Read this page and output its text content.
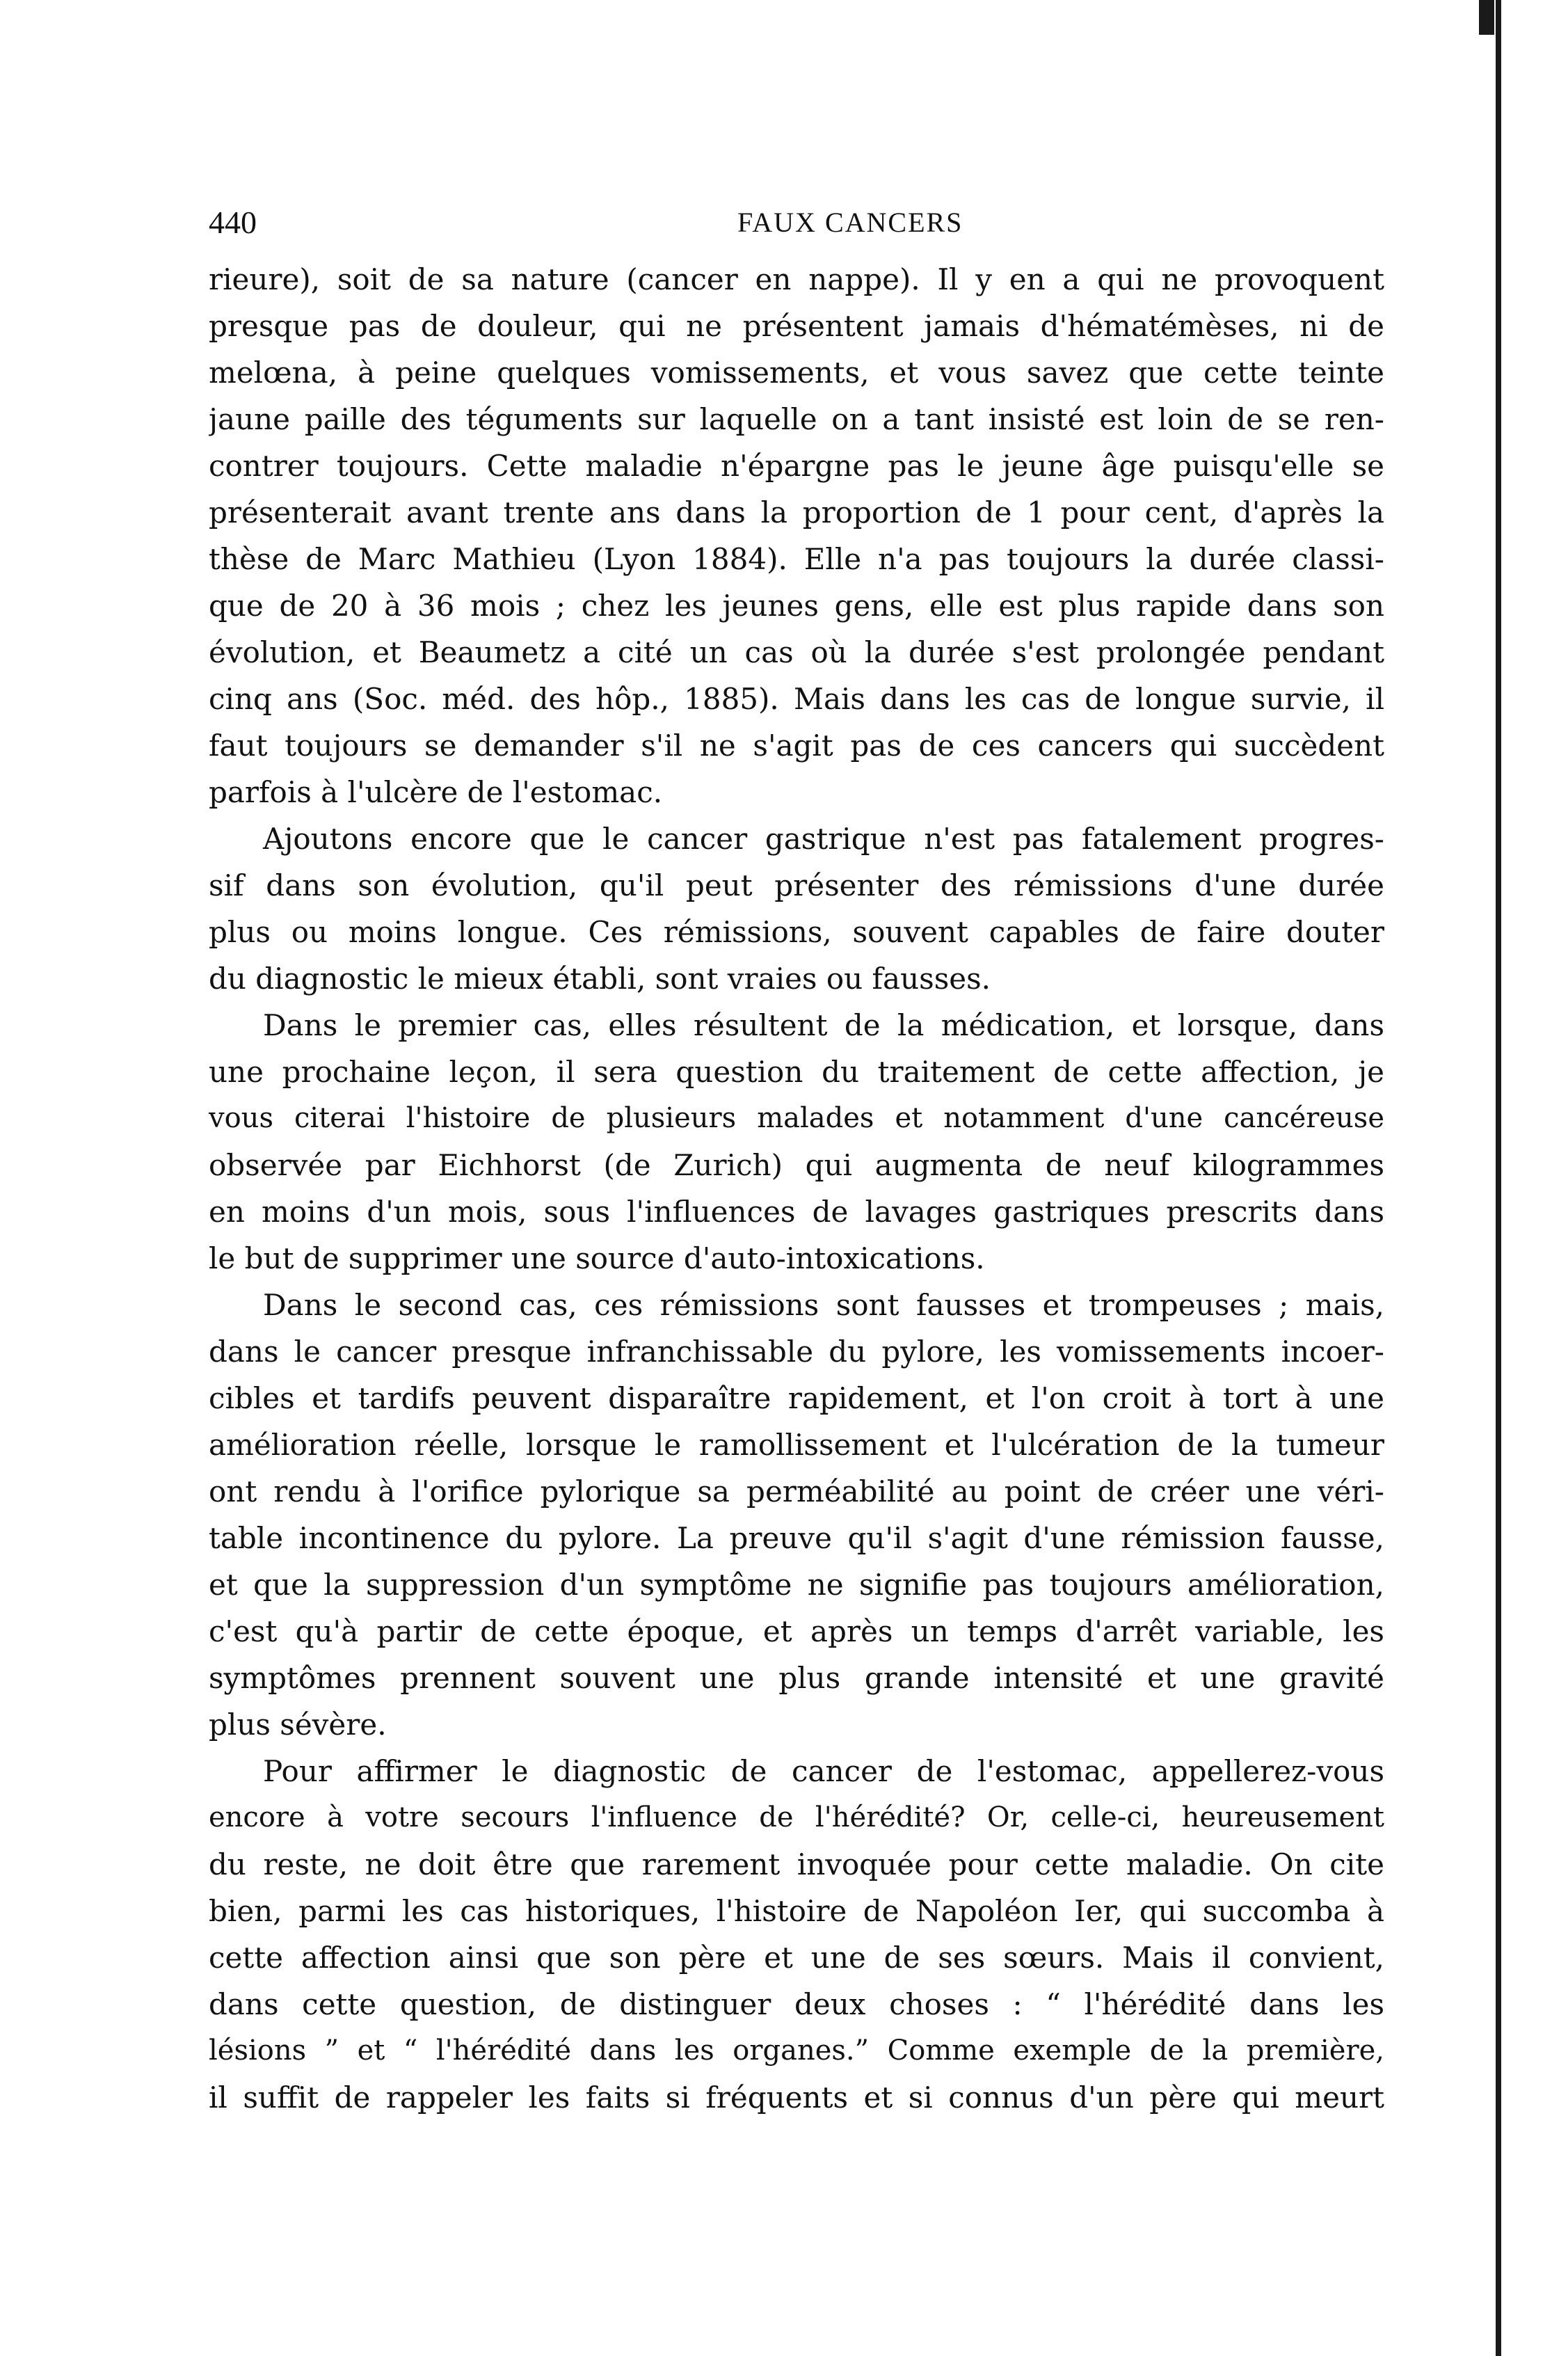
440	FAUX CANCERS
rieure), soit de sa nature (cancer en nappe). Il y en a qui ne provoquent
presque pas de douleur, qui ne présentent jamais d'hématémèses, ni de
melœna, à peine quelques vomissements, et vous savez que cette teinte
jaune paille des téguments sur laquelle on a tant insisté est loin de se ren-
contrer toujours. Cette maladie n'épargne pas le jeune âge puisqu'elle se
présenterait avant trente ans dans la proportion de 1 pour cent, d'après la
thèse de Marc Mathieu (Lyon 1884). Elle n'a pas toujours la durée classi-
que de 20 à 36 mois ; chez les jeunes gens, elle est plus rapide dans son
évolution, et Beaumetz a cité un cas où la durée s'est prolongée pendant
cinq ans (Soc. méd. des hôp., 1885). Mais dans les cas de longue survie, il
faut toujours se demander s'il ne s'agit pas de ces cancers qui succèdent
parfois à l'ulcère de l'estomac.
Ajoutons encore que le cancer gastrique n'est pas fatalement progres-
sif dans son évolution, qu'il peut présenter des rémissions d'une durée
plus ou moins longue. Ces rémissions, souvent capables de faire douter
du diagnostic le mieux établi, sont vraies ou fausses.
Dans le premier cas, elles résultent de la médication, et lorsque, dans
une prochaine leçon, il sera question du traitement de cette affection, je
vous citerai l'histoire de plusieurs malades et notamment d'une cancéreuse
observée par Eichhorst (de Zurich) qui augmenta de neuf kilogrammes
en moins d'un mois, sous l'influences de lavages gastriques prescrits dans
le but de supprimer une source d'auto-intoxications.
Dans le second cas, ces rémissions sont fausses et trompeuses ; mais,
dans le cancer presque infranchissable du pylore, les vomissements incoer-
cibles et tardifs peuvent disparaître rapidement, et l'on croit à tort à une
amélioration réelle, lorsque le ramollissement et l'ulcération de la tumeur
ont rendu à l'orifice pylorique sa perméabilité au point de créer une véri-
table incontinence du pylore. La preuve qu'il s'agit d'une rémission fausse,
et que la suppression d'un symptôme ne signifie pas toujours amélioration,
c'est qu'à partir de cette époque, et après un temps d'arrêt variable, les
symptômes prennent souvent une plus grande intensité et une gravité
plus sévère.
Pour affirmer le diagnostic de cancer de l'estomac, appellerez-vous
encore à votre secours l'influence de l'hérédité? Or, celle-ci, heureusement
du reste, ne doit être que rarement invoquée pour cette maladie. On cite
bien, parmi les cas historiques, l'histoire de Napoléon Ier, qui succomba à
cette affection ainsi que son père et une de ses sœurs. Mais il convient,
dans cette question, de distinguer deux choses : “ l'hérédité dans les
lésions ” et “ l'hérédité dans les organes.” Comme exemple de la première,
il suffit de rappeler les faits si fréquents et si connus d'un père qui meurt
